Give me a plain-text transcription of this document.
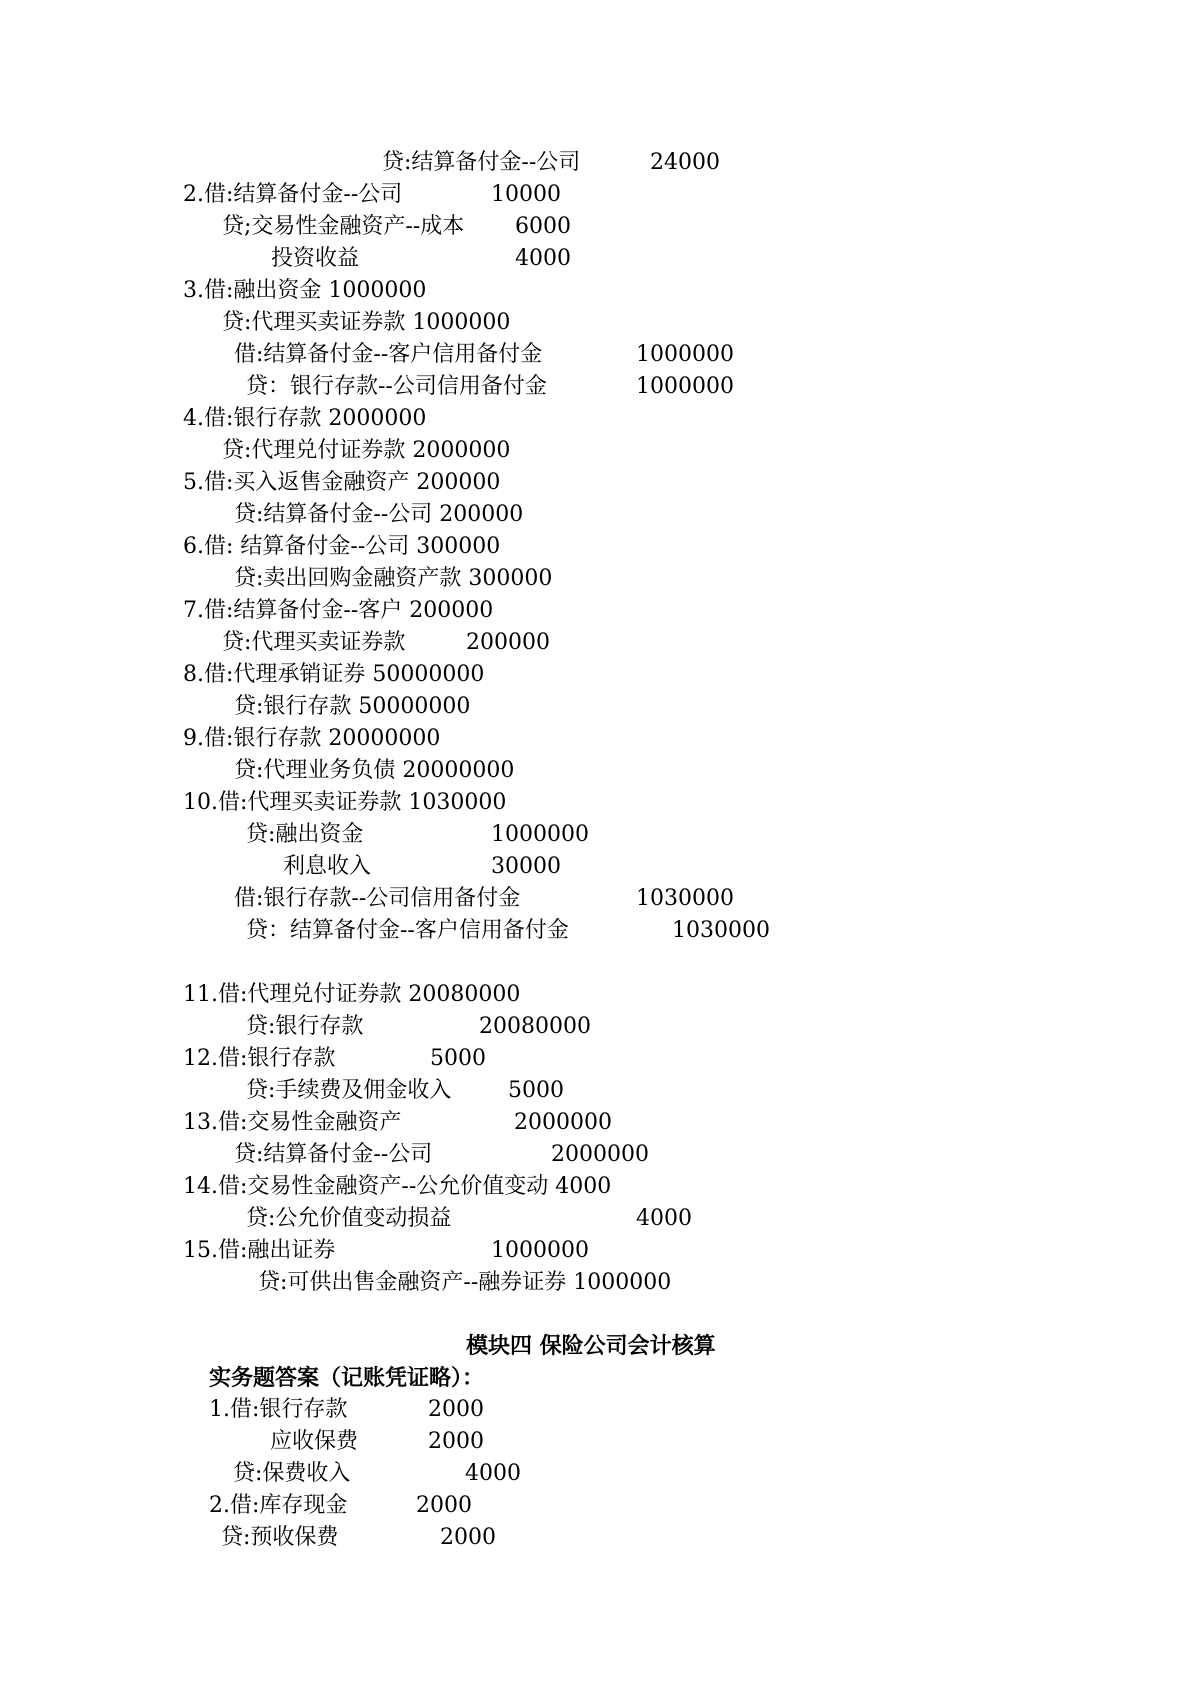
贷:结算备付金--公司	24000
2.借:结算备付金--公司	10000
贷;交易性金融资产--成本 6000
投资收益	4000
3.借:融出资金 1000000
贷:代理买卖证券款 1000000
借:结算备付金--客户信用备付金	1000000
贷：银行存款--公司信用备付金	1000000
4.借:银行存款 2000000
贷:代理兑付证券款 2000000
5.借:买入返售金融资产 200000
贷:结算备付金--公司 200000
6.借: 结算备付金--公司 300000
贷:卖出回购金融资产款 300000
7.借:结算备付金--客户 200000
贷:代理买卖证券款	200000
8.借:代理承销证券 50000000
贷:银行存款 50000000
9.借:银行存款 20000000
贷:代理业务负债 20000000
10.借:代理买卖证券款 1030000
贷:融出资金	1000000
利息收入	30000
借:银行存款--公司信用备付金	1030000
贷：结算备付金--客户信用备付金	1030000
11.借:代理兑付证券款 20080000
贷:银行存款	20080000
12.借:银行存款	5000
贷:手续费及佣金收入	5000
13.借:交易性金融资产	2000000
贷:结算备付金--公司	2000000
14.借:交易性金融资产--公允价值变动 4000
贷:公允价值变动损益	4000
15.借:融出证券	1000000
贷:可供出售金融资产--融券证券 1000000
模块四 保险公司会计核算
实务题答案（记账凭证略）：
1.借:银行存款	2000
应收保费	2000
贷:保费收入	4000
2.借:库存现金	2000
贷:预收保费	2000
